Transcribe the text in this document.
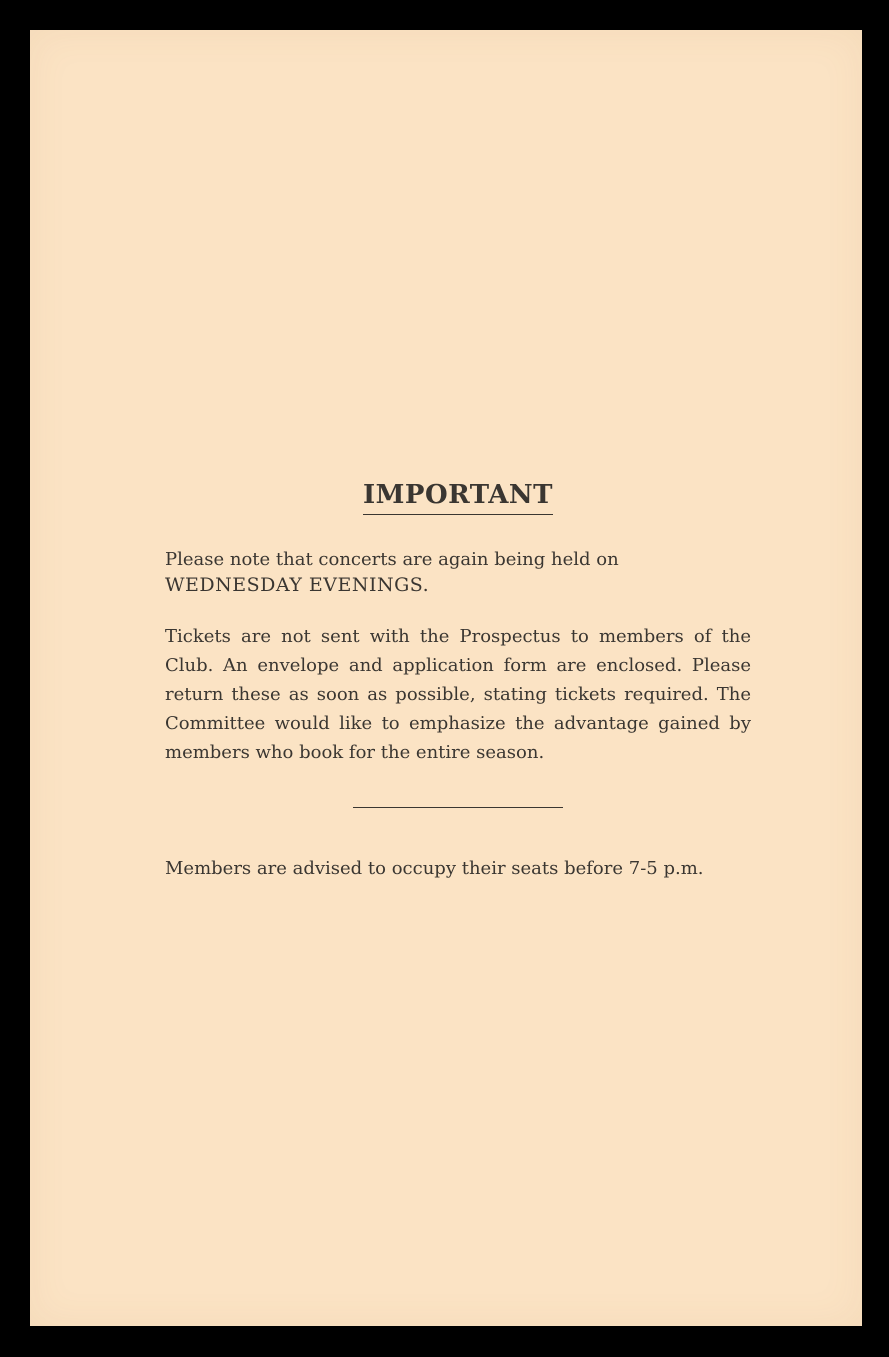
IMPORTANT

Please note that concerts are again being held on
WEDNESDAY EVENINGS.

Tickets are not sent with the Prospectus to members of the Club. An envelope and application form are enclosed. Please return these as soon as possible, stating tickets required. The Committee would like to emphasize the advantage gained by members who book for the entire season.

Members are advised to occupy their seats before 7-5 p.m.
